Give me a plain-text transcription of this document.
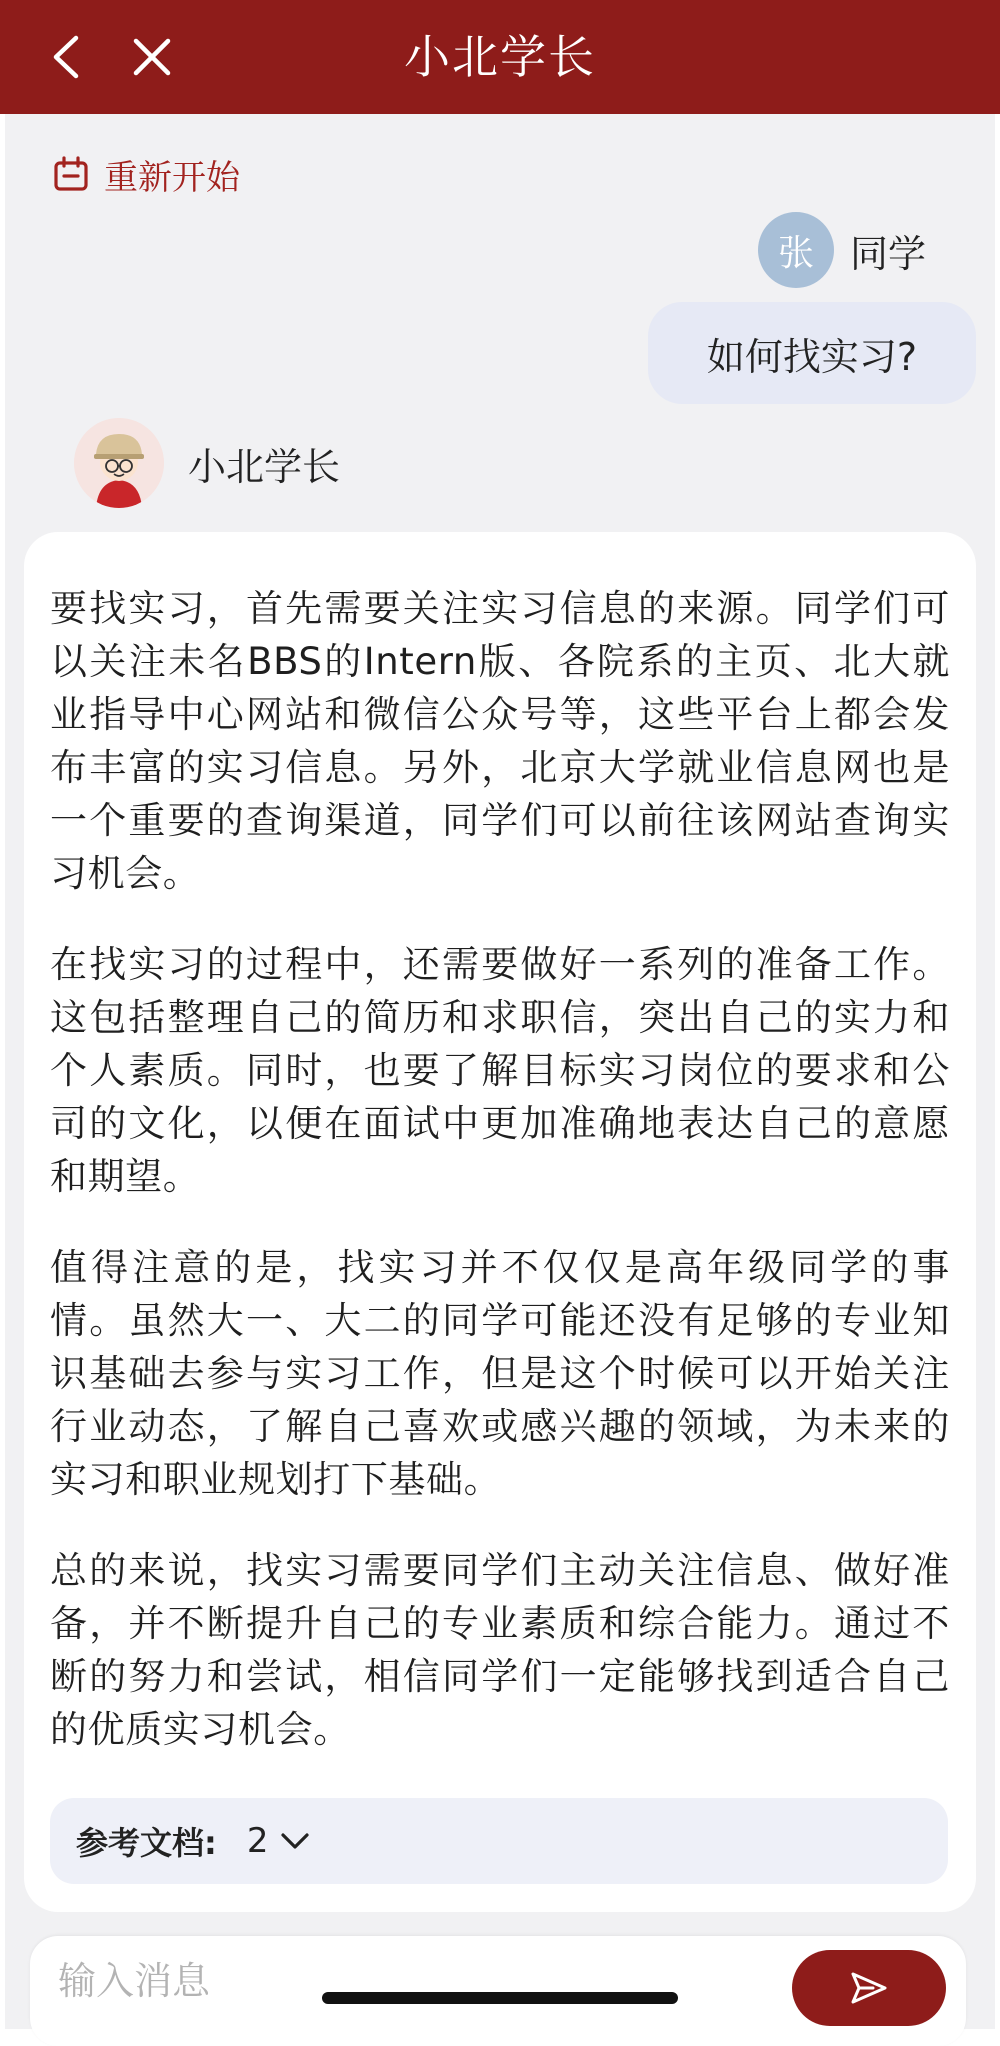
小北学长
重新开始
张 同学
如何找实习?
小北学长

要找实习，首先需要关注实习信息的来源。同学们可以关注未名BBS的Intern版、各院系的主页、北大就业指导中心网站和微信公众号等，这些平台上都会发布丰富的实习信息。另外，北京大学就业信息网也是一个重要的查询渠道，同学们可以前往该网站查询实习机会。

在找实习的过程中，还需要做好一系列的准备工作。这包括整理自己的简历和求职信，突出自己的实力和个人素质。同时，也要了解目标实习岗位的要求和公司的文化，以便在面试中更加准确地表达自己的意愿和期望。

值得注意的是，找实习并不仅仅是高年级同学的事情。虽然大一、大二的同学可能还没有足够的专业知识基础去参与实习工作，但是这个时候可以开始关注行业动态，了解自己喜欢或感兴趣的领域，为未来的实习和职业规划打下基础。

总的来说，找实习需要同学们主动关注信息、做好准备，并不断提升自己的专业素质和综合能力。通过不断的努力和尝试，相信同学们一定能够找到适合自己的优质实习机会。

参考文档: 2
输入消息
